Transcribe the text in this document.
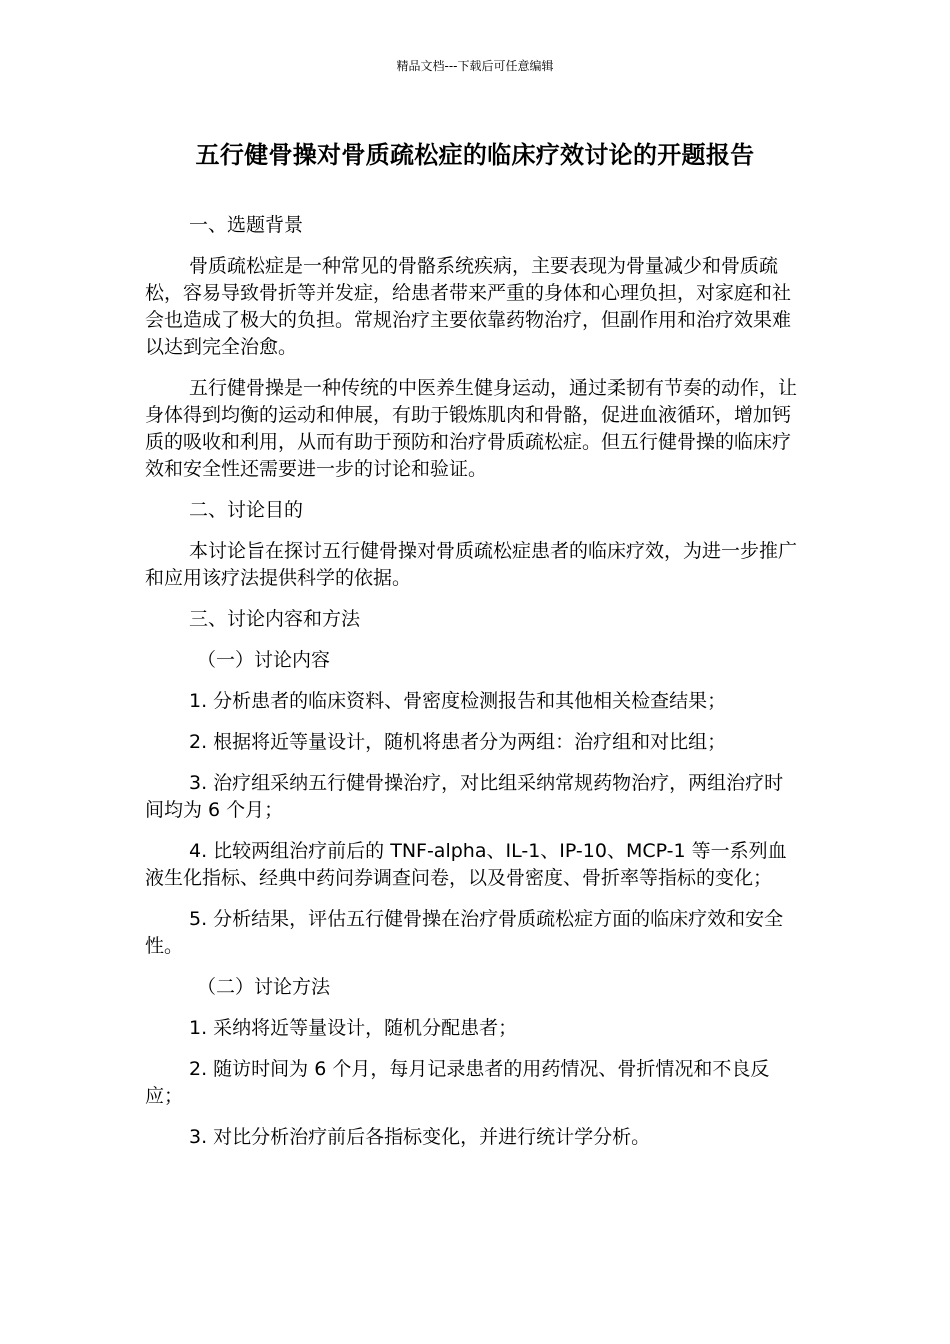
精品文档---下载后可任意编辑
五行健骨操对骨质疏松症的临床疗效讨论的开题报告

一、选题背景

骨质疏松症是一种常见的骨骼系统疾病，主要表现为骨量减少和骨质疏松，容易导致骨折等并发症，给患者带来严重的身体和心理负担，对家庭和社会也造成了极大的负担。常规治疗主要依靠药物治疗，但副作用和治疗效果难以达到完全治愈。

五行健骨操是一种传统的中医养生健身运动，通过柔韧有节奏的动作，让身体得到均衡的运动和伸展，有助于锻炼肌肉和骨骼，促进血液循环，增加钙质的吸收和利用，从而有助于预防和治疗骨质疏松症。但五行健骨操的临床疗效和安全性还需要进一步的讨论和验证。

二、讨论目的

本讨论旨在探讨五行健骨操对骨质疏松症患者的临床疗效，为进一步推广和应用该疗法提供科学的依据。

三、讨论内容和方法

（一）讨论内容

1. 分析患者的临床资料、骨密度检测报告和其他相关检查结果；

2. 根据将近等量设计，随机将患者分为两组：治疗组和对比组；

3. 治疗组采纳五行健骨操治疗，对比组采纳常规药物治疗，两组治疗时间均为 6 个月；

4. 比较两组治疗前后的 TNF-alpha、IL-1、IP-10、MCP-1 等一系列血液生化指标、经典中药问券调查问卷，以及骨密度、骨折率等指标的变化；

5. 分析结果，评估五行健骨操在治疗骨质疏松症方面的临床疗效和安全性。

（二）讨论方法

1. 采纳将近等量设计，随机分配患者；

2. 随访时间为 6 个月，每月记录患者的用药情况、骨折情况和不良反应；

3. 对比分析治疗前后各指标变化，并进行统计学分析。
